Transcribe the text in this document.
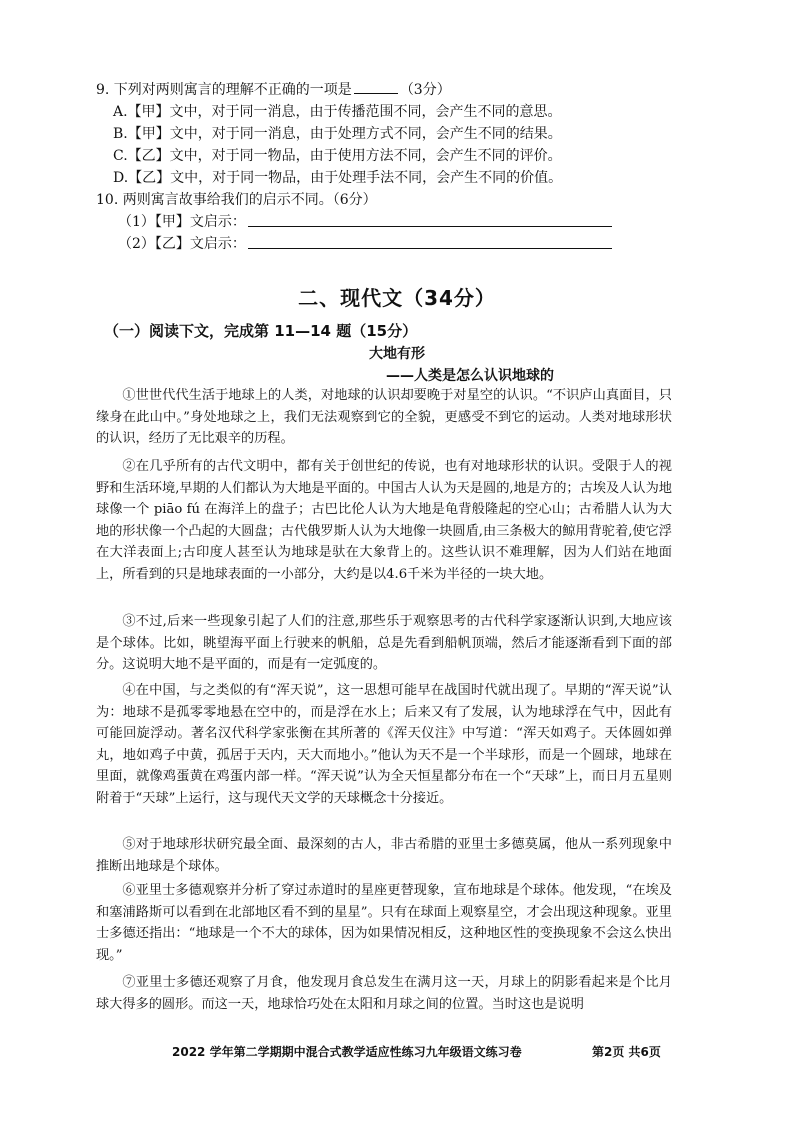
9. 下列对两则寓言的理解不正确的一项是	（3分）
A.【甲】文中，对于同一消息，由于传播范围不同，会产生不同的意思。
B.【甲】文中，对于同一消息，由于处理方式不同，会产生不同的结果。
C.【乙】文中，对于同一物品，由于使用方法不同，会产生不同的评价。
D.【乙】文中，对于同一物品，由于处理手法不同，会产生不同的价值。
10. 两则寓言故事给我们的启示不同。（6分）
（1）【甲】文启示：
（2）【乙】文启示：
二、现代文（34分）
（一）阅读下文，完成第 11—14 题（15分）
大地有形
——人类是怎么认识地球的

①世世代代生活于地球上的人类，对地球的认识却要晚于对星空的认识。“不识庐山真面目，只缘身在此山中。”身处地球之上，我们无法观察到它的全貌，更感受不到它的运动。人类对地球形状的认识，经历了无比艰辛的历程。

②在几乎所有的古代文明中，都有关于创世纪的传说，也有对地球形状的认识。受限于人的视野和生活环境,早期的人们都认为大地是平面的。中国古人认为天是圆的,地是方的；古埃及人认为地球像一个 piāo fú 在海洋上的盘子；古巴比伦人认为大地是龟背般隆起的空心山；古希腊人认为大地的形状像一个凸起的大圆盘；古代俄罗斯人认为大地像一块圆盾,由三条极大的鲸用背驼着,使它浮在大洋表面上;古印度人甚至认为地球是驮在大象背上的。这些认识不难理解，因为人们站在地面上，所看到的只是地球表面的一小部分，大约是以4.6千米为半径的一块大地。

③不过,后来一些现象引起了人们的注意,那些乐于观察思考的古代科学家逐渐认识到,大地应该是个球体。比如，眺望海平面上行驶来的帆船，总是先看到船帆顶端，然后才能逐渐看到下面的部分。这说明大地不是平面的，而是有一定弧度的。

④在中国，与之类似的有“浑天说”，这一思想可能早在战国时代就出现了。早期的“浑天说”认为：地球不是孤零零地悬在空中的，而是浮在水上；后来又有了发展，认为地球浮在气中，因此有可能回旋浮动。著名汉代科学家张衡在其所著的《浑天仪注》中写道：“浑天如鸡子。天体圆如弹丸，地如鸡子中黄，孤居于天内，天大而地小。”他认为天不是一个半球形，而是一个圆球，地球在里面，就像鸡蛋黄在鸡蛋内部一样。“浑天说”认为全天恒星都分布在一个“天球”上，而日月五星则附着于“天球”上运行，这与现代天文学的天球概念十分接近。

⑤对于地球形状研究最全面、最深刻的古人，非古希腊的亚里士多德莫属，他从一系列现象中推断出地球是个球体。

⑥亚里士多德观察并分析了穿过赤道时的星座更替现象，宣布地球是个球体。他发现，“在埃及和塞浦路斯可以看到在北部地区看不到的星星”。只有在球面上观察星空，才会出现这种现象。亚里士多德还指出：“地球是一个不大的球体，因为如果情况相反，这种地区性的变换现象不会这么快出现。”

⑦亚里士多德还观察了月食，他发现月食总发生在满月这一天，月球上的阴影看起来是个比月球大得多的圆形。而这一天，地球恰巧处在太阳和月球之间的位置。当时这也是说明

2022 学年第二学期期中混合式教学适应性练习九年级语文练习卷	第2页 共6页
